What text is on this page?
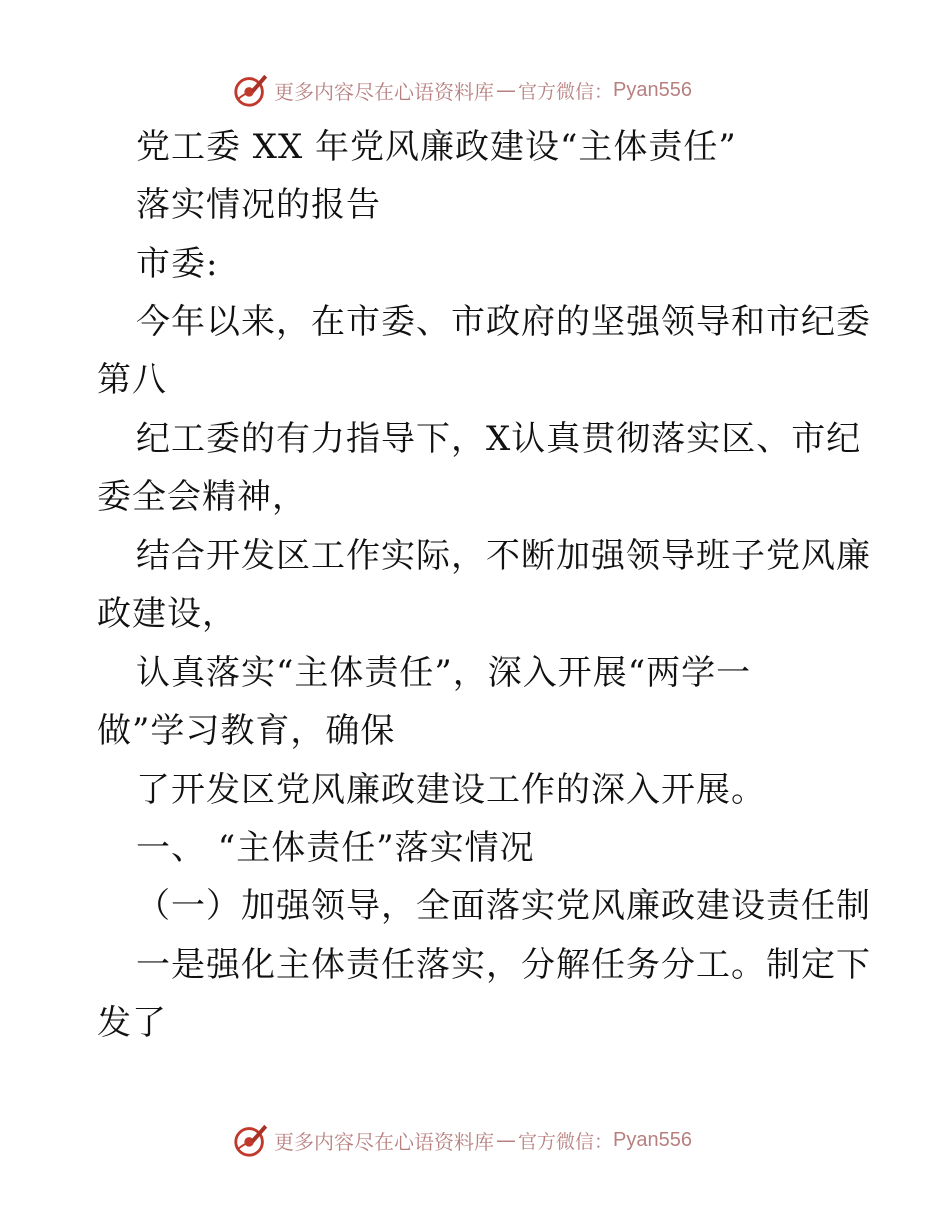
更多内容尽在心语资料库 — 官方微信： Pyan556
党工委 XX 年党风廉政建设“主体责任”
落实情况的报告
市委:
今年以来，在市委、市政府的坚强领导和市纪委
第八
纪工委的有力指导下，X认真贯彻落实区、市纪
委全会精神，
结合开发区工作实际，不断加强领导班子党风廉
政建设，
认真落实“主体责任”，深入开展“两学一
做”学习教育，确保
了开发区党风廉政建设工作的深入开展。
一、 “主体责任”落实情况
（一）加强领导，全面落实党风廉政建设责任制
一是强化主体责任落实，分解任务分工。制定下
发了
更多内容尽在心语资料库 — 官方微信： Pyan556
